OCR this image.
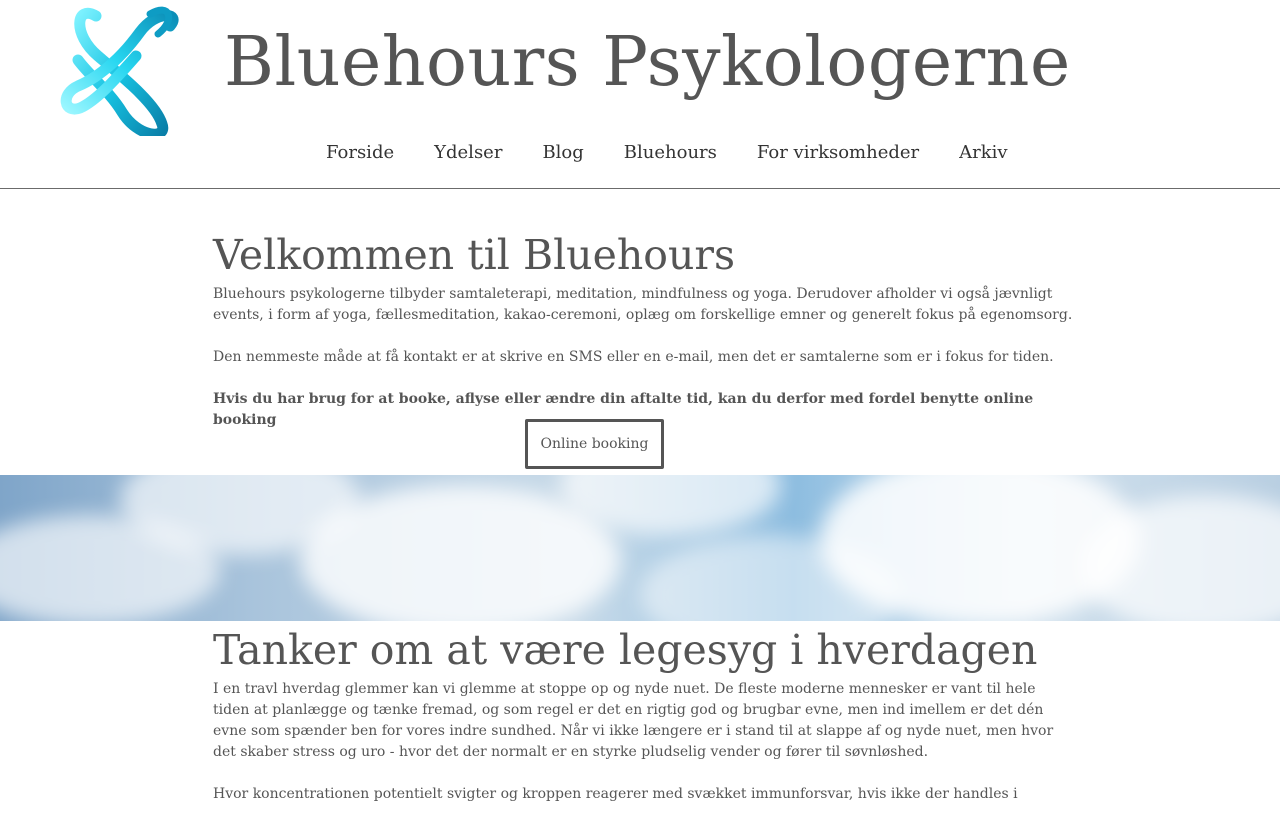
Bluehours Psykologerne
Forside	Ydelser	Blog	Bluehours	For virksomheder	Arkiv
Velkommen til Bluehours

Bluehours psykologerne tilbyder samtaleterapi, meditation, mindfulness og yoga. Derudover afholder vi også jævnligt events, i form af yoga, fællesmeditation, kakao-ceremoni, oplæg om forskellige emner og generelt fokus på egenomsorg.

Den nemmeste måde at få kontakt er at skrive en SMS eller en e-mail, men det er samtalerne som er i fokus for tiden.

Hvis du har brug for at booke, aflyse eller ændre din aftalte tid, kan du derfor med fordel benytte online booking

Online booking
Tanker om at være legesyg i hverdagen

I en travl hverdag glemmer kan vi glemme at stoppe op og nyde nuet. De fleste moderne mennesker er vant til hele tiden at planlægge og tænke fremad, og som regel er det en rigtig god og brugbar evne, men ind imellem er det dén evne som spænder ben for vores indre sundhed. Når vi ikke længere er i stand til at slappe af og nyde nuet, men hvor det skaber stress og uro - hvor det der normalt er en styrke pludselig vender og fører til søvnløshed.

Hvor koncentrationen potentielt svigter og kroppen reagerer med svækket immunforsvar, hvis ikke der handles i
